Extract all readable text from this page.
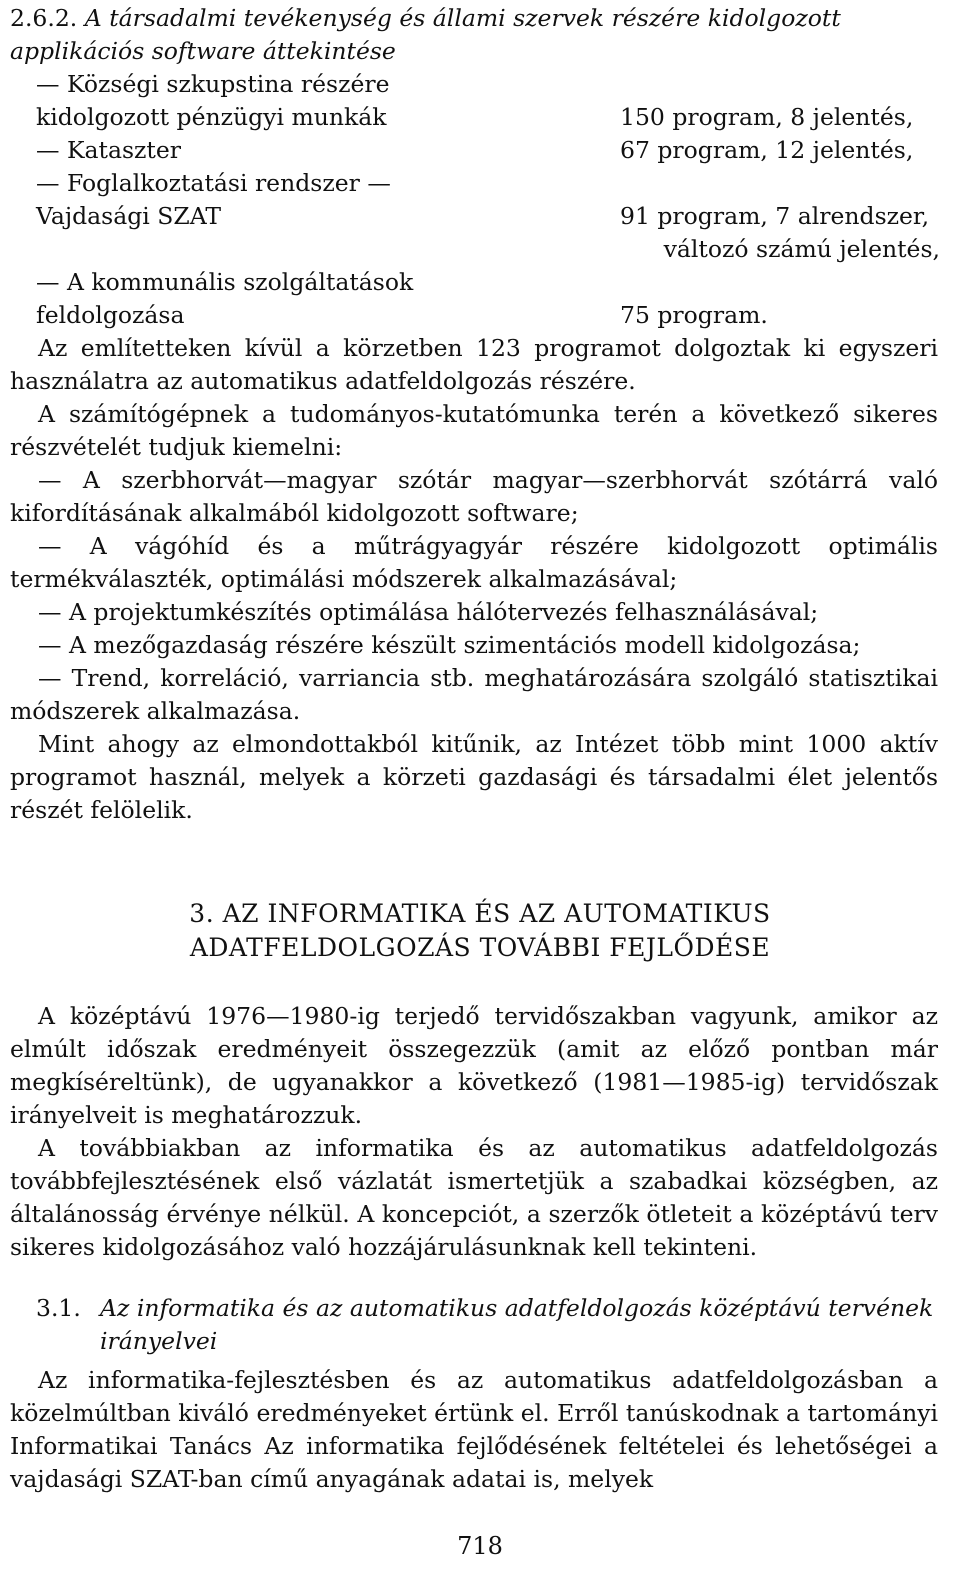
2.6.2. A társadalmi tevékenység és állami szervek részére kidolgozott
applikációs software áttekintése
— Községi szkupstina részére
kidolgozott pénzügyi munkák	150 program, 8 jelentés,
— Kataszter	67 program, 12 jelentés,
— Foglalkoztatási rendszer —
Vajdasági SZAT	91 program, 7 alrendszer,
változó számú jelentés,
— A kommunális szolgáltatások
feldolgozása	75 program.
Az említetteken kívül a körzetben 123 programot dolgoztak ki egyszeri használatra az automatikus adatfeldolgozás részére.
A számítógépnek a tudományos-kutatómunka terén a következő sikeres részvételét tudjuk kiemelni:
— A szerbhorvát—magyar szótár magyar—szerbhorvát szótárrá való kifordításának alkalmából kidolgozott software;
— A vágóhíd és a műtrágyagyár részére kidolgozott optimális termékválaszték, optimálási módszerek alkalmazásával;
— A projektumkészítés optimálása hálótervezés felhasználásával;
— A mezőgazdaság részére készült szimentációs modell kidolgozása;
— Trend, korreláció, varriancia stb. meghatározására szolgáló statisztikai módszerek alkalmazása.
Mint ahogy az elmondottakból kitűnik, az Intézet több mint 1000 aktív programot használ, melyek a körzeti gazdasági és társadalmi élet jelentős részét felölelik.
3. AZ INFORMATIKA ÉS AZ AUTOMATIKUS
ADATFELDOLGOZÁS TOVÁBBI FEJLŐDÉSE
A középtávú 1976—1980-ig terjedő tervidőszakban vagyunk, amikor az elmúlt időszak eredményeit összegezzük (amit az előző pontban már megkíséreltünk), de ugyanakkor a következő (1981—1985-ig) tervidőszak irányelveit is meghatározzuk.
A továbbiakban az informatika és az automatikus adatfeldolgozás továbbfejlesztésének első vázlatát ismertetjük a szabadkai községben, az általánosság érvénye nélkül. A koncepciót, a szerzők ötleteit a középtávú terv sikeres kidolgozásához való hozzájárulásunknak kell tekinteni.
3.1. Az informatika és az automatikus adatfeldolgozás középtávú tervének irányelvei
Az informatika-fejlesztésben és az automatikus adatfeldolgozásban a közelmúltban kiváló eredményeket értünk el. Erről tanúskodnak a tartományi Informatikai Tanács Az informatika fejlődésének feltételei és lehetőségei a vajdasági SZAT-ban című anyagának adatai is, melyek
718
